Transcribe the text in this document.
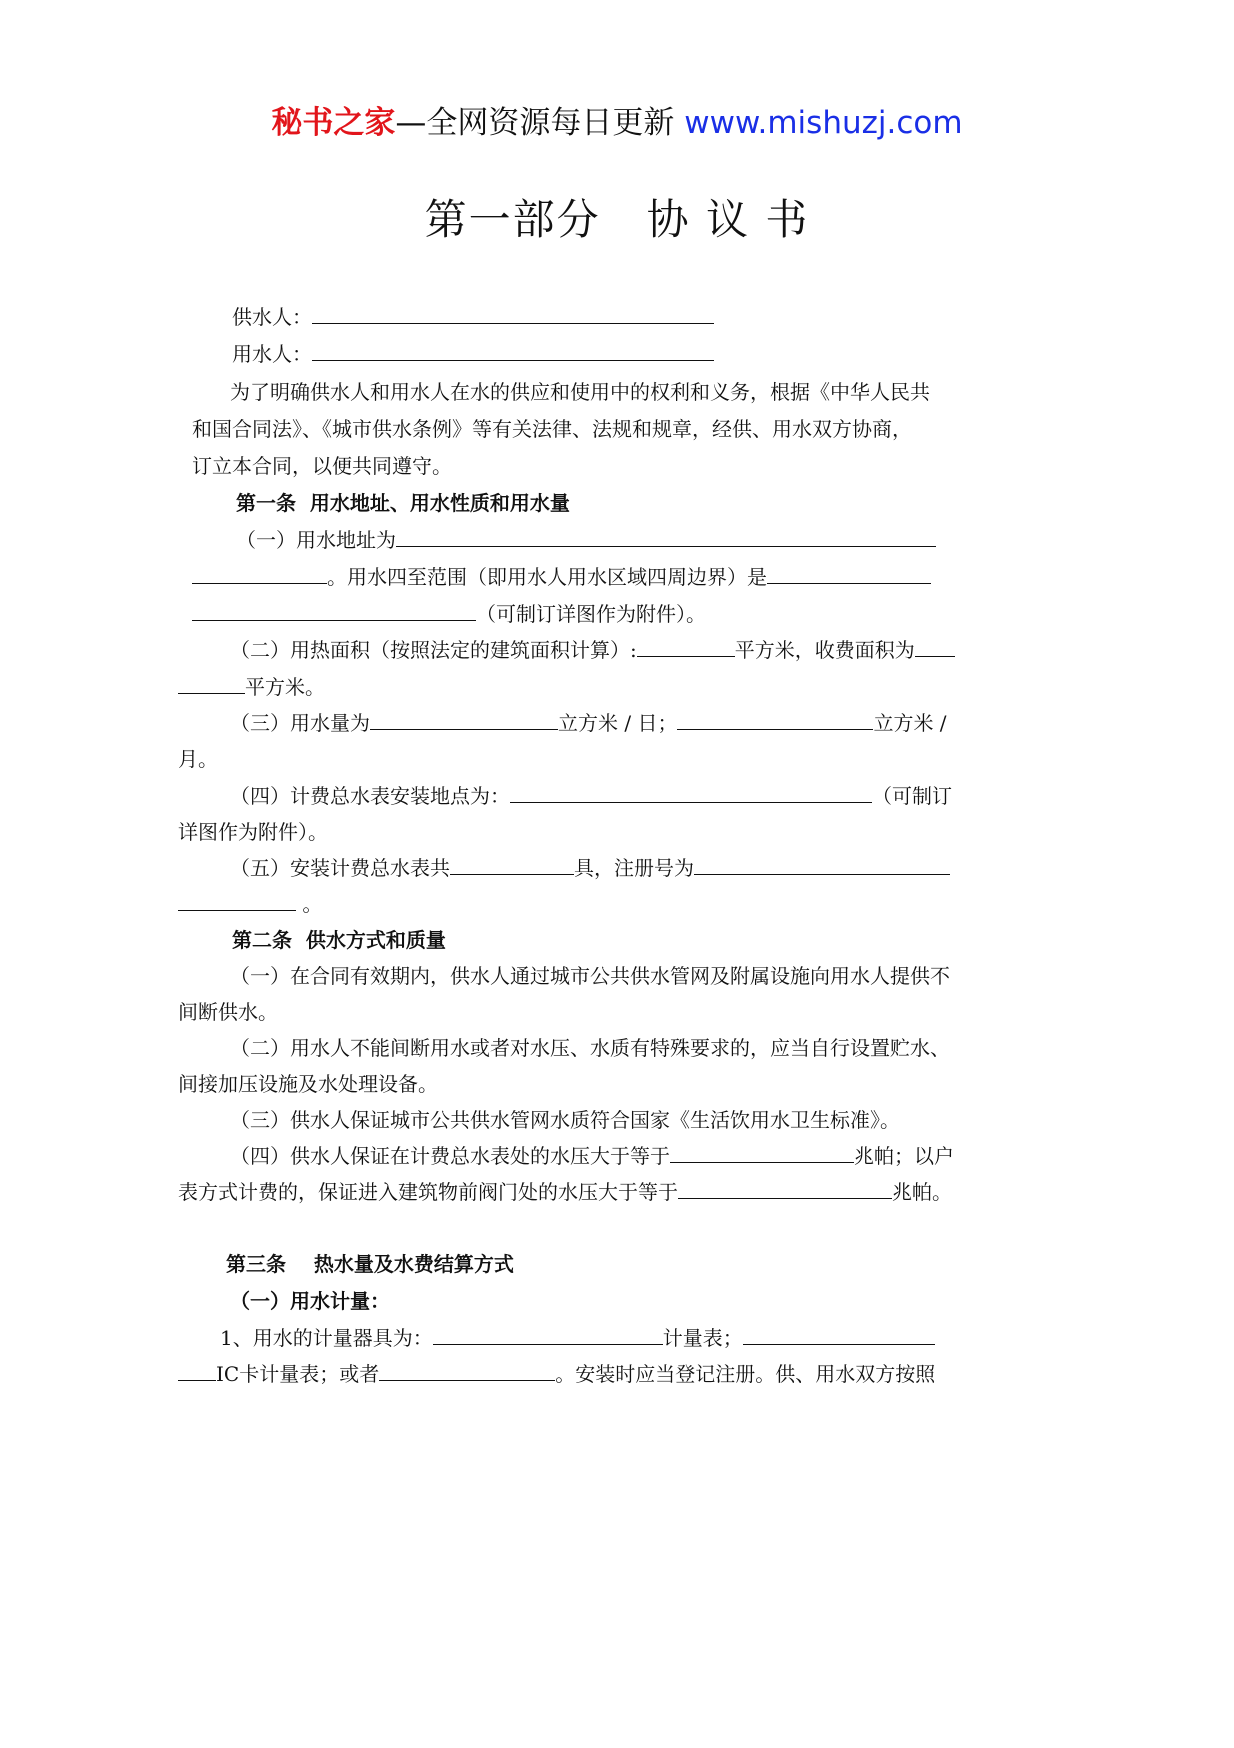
秘书之家—全网资源每日更新 www.mishuzj.com
第一部分   协 议 书
供水人：
用水人：
为了明确供水人和用水人在水的供应和使用中的权利和义务，根据《中华人民共
和国合同法》、《城市供水条例》等有关法律、法规和规章，经供、用水双方协商，
订立本合同，以便共同遵守。
第一条  用水地址、用水性质和用水量
（一）用水地址为
。用水四至范围（即用水人用水区域四周边界）是
（可制订详图作为附件）。
（二）用热面积（按照法定的建筑面积计算）:	平方米，收费面积为
平方米。
（三）用水量为	立方米 / 日；	立方米 /
月。
（四）计费总水表安装地点为：	（可制订
详图作为附件）。
（五）安装计费总水表共	具，注册号为
。
第二条  供水方式和质量
（一）在合同有效期内，供水人通过城市公共供水管网及附属设施向用水人提供不
间断供水。
（二）用水人不能间断用水或者对水压、水质有特殊要求的，应当自行设置贮水、
间接加压设施及水处理设备。
（三）供水人保证城市公共供水管网水质符合国家《生活饮用水卫生标准》。
（四）供水人保证在计费总水表处的水压大于等于	兆帕；以户
表方式计费的，保证进入建筑物前阀门处的水压大于等于	兆帕。
第三条    热水量及水费结算方式
（一）用水计量：
1、用水的计量器具为：	计量表；
IC卡计量表；或者	。安装时应当登记注册。供、用水双方按照
